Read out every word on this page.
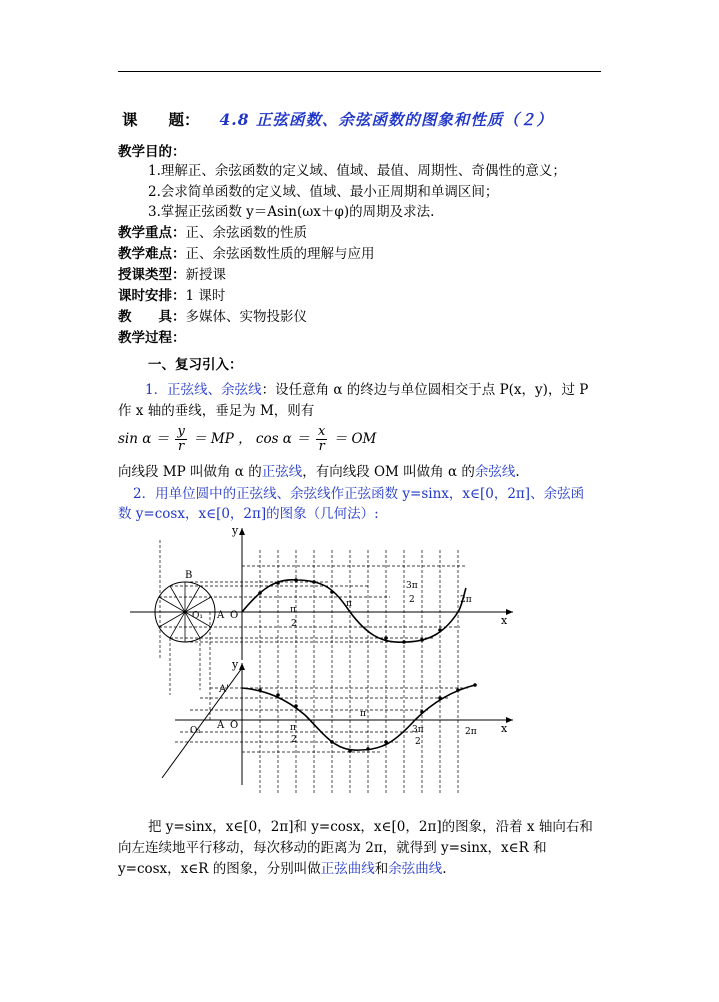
课　　题： 4.8 正弦函数、余弦函数的图象和性质（２）
教学目的：
1.理解正、余弦函数的定义域、值域、最值、周期性、奇偶性的意义；
2.会求简单函数的定义域、值域、最小正周期和单调区间；
3.掌握正弦函数 y＝Asin(ωx＋φ)的周期及求法.
教学重点：正、余弦函数的性质
教学难点：正、余弦函数性质的理解与应用
授课类型：新授课
课时安排：1 课时
教　　具：多媒体、实物投影仪
教学过程：
一、复习引入：
1．正弦线、余弦线：设任意角 α 的终边与单位圆相交于点 P(x，y)，过 P
作 x 轴的垂线，垂足为 M，则有
$\sin \alpha = \frac{y}{r}$ ＝ MP ， $\cos \alpha = \frac{x}{r}$ ＝ OM
向线段 MP 叫做角 α 的正弦线，有向线段 OM 叫做角 α 的余弦线.
2．用单位圆中的正弦线、余弦线作正弦函数 y=sinx，x∈[0，2π]、余弦函
数 y=cosx，x∈[0，2π]的图象（几何法）:
y
x
B
A O
O₁
π
2
π
3π
2	2π
y
x
A'
A O
O₁	π
2
π
3π
2
2π
把 y=sinx，x∈[0，2π]和 y=cosx，x∈[0，2π]的图象，沿着 x 轴向右和
向左连续地平行移动，每次移动的距离为 2π，就得到 y=sinx，x∈R 和
y=cosx，x∈R 的图象，分别叫做正弦曲线和余弦曲线.
